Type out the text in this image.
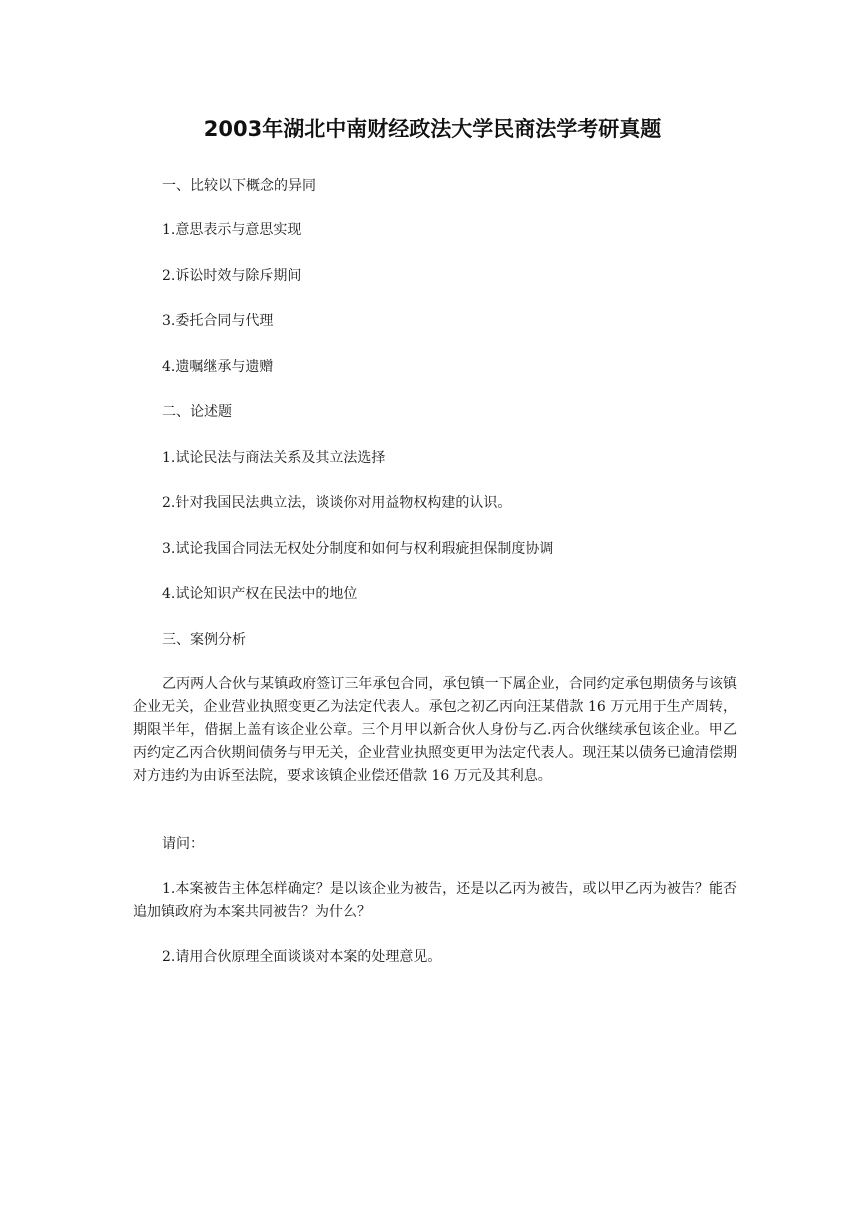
2003年湖北中南财经政法大学民商法学考研真题

一、比较以下概念的异同

1.意思表示与意思实现

2.诉讼时效与除斥期间

3.委托合同与代理

4.遗嘱继承与遗赠

二、论述题

1.试论民法与商法关系及其立法选择

2.针对我国民法典立法，谈谈你对用益物权构建的认识。

3.试论我国合同法无权处分制度和如何与权利瑕疵担保制度协调

4.试论知识产权在民法中的地位

三、案例分析

乙丙两人合伙与某镇政府签订三年承包合同，承包镇一下属企业，合同约定承包期债务与该镇企业无关，企业营业执照变更乙为法定代表人。承包之初乙丙向汪某借款 16 万元用于生产周转，期限半年，借据上盖有该企业公章。三个月甲以新合伙人身份与乙.丙合伙继续承包该企业。甲乙丙约定乙丙合伙期间债务与甲无关，企业营业执照变更甲为法定代表人。现汪某以债务已逾清偿期对方违约为由诉至法院，要求该镇企业偿还借款 16 万元及其利息。

请问：

1.本案被告主体怎样确定？是以该企业为被告，还是以乙丙为被告，或以甲乙丙为被告？能否追加镇政府为本案共同被告？为什么？

2.请用合伙原理全面谈谈对本案的处理意见。
